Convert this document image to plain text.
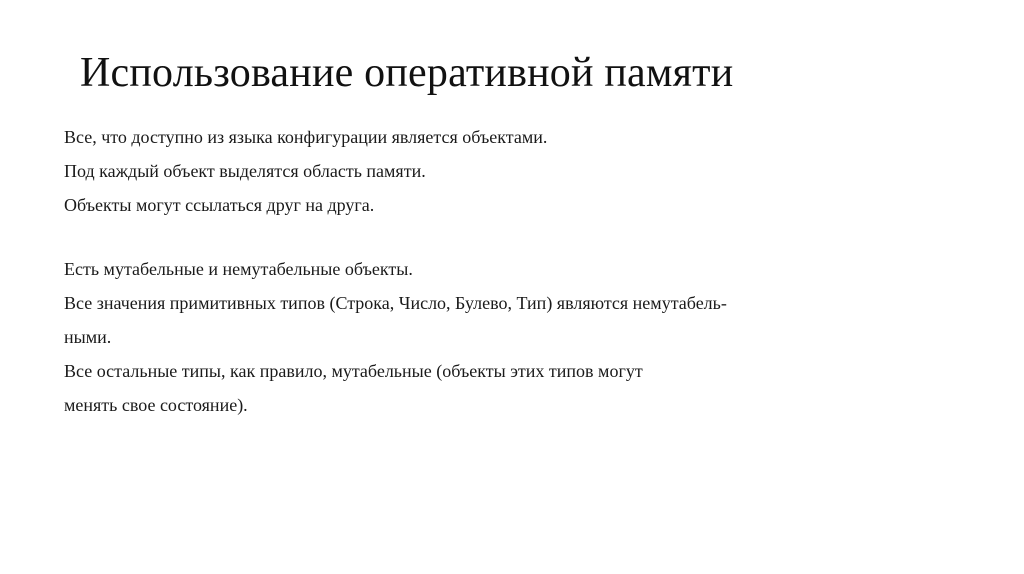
Использование оперативной памяти
Все, что доступно из языка конфигурации является объектами.
Под каждый объект выделятся область памяти.
Объекты могут ссылаться друг на друга.
Есть мутабельные и немутабельные объекты.
Все значения примитивных типов (Строка, Число, Булево, Тип) являются немутабель-
ными.
Все остальные типы, как правило, мутабельные (объекты этих типов могут
менять свое состояние).
